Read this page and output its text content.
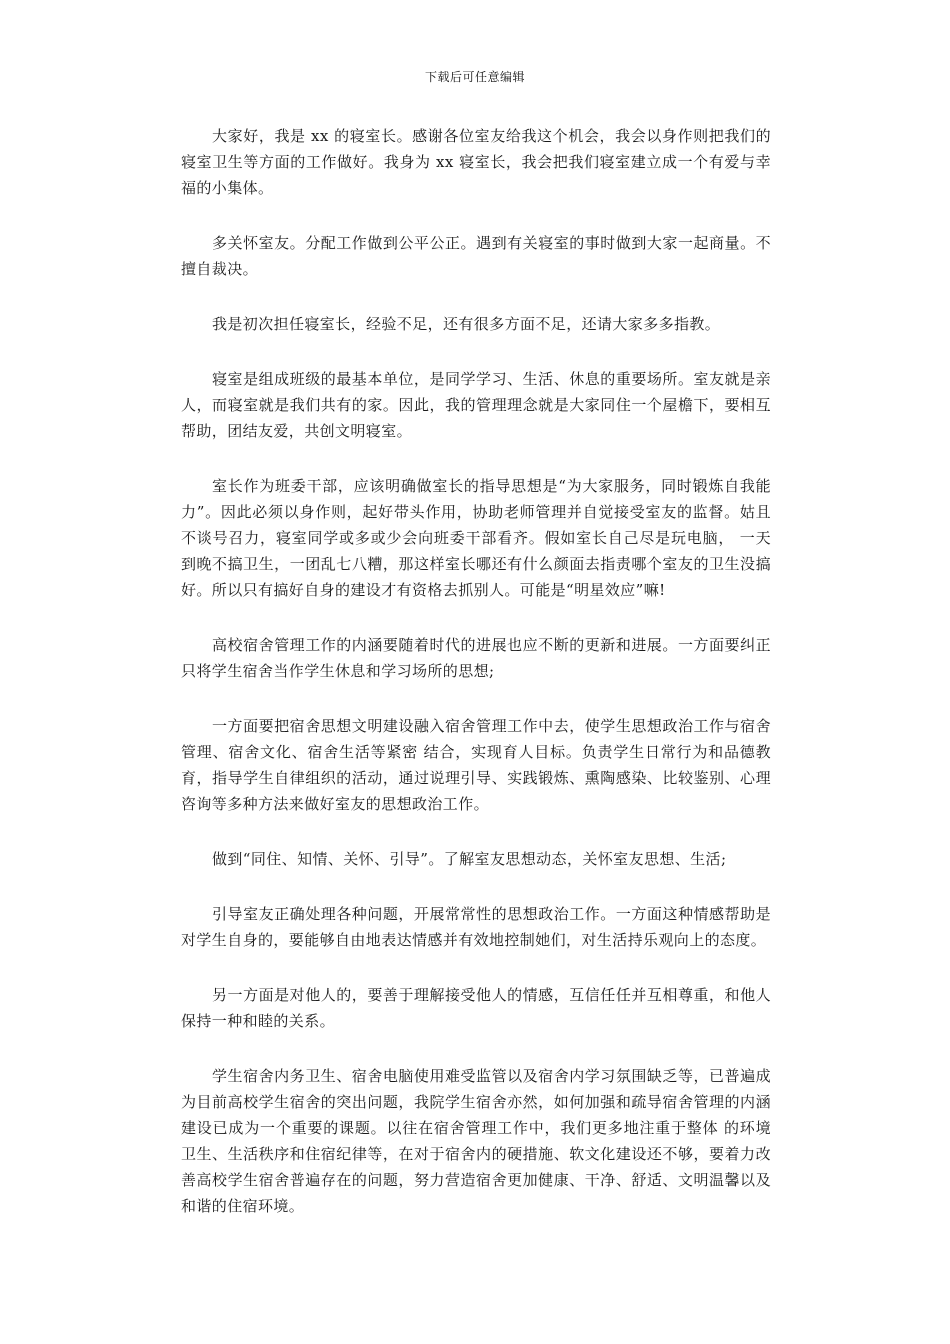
下载后可任意编辑

大家好，我是 xx 的寝室长。感谢各位室友给我这个机会，我会以身作则把我们的寝室卫生等方面的工作做好。我身为 xx 寝室长，我会把我们寝室建立成一个有爱与幸福的小集体。

多关怀室友。分配工作做到公平公正。遇到有关寝室的事时做到大家一起商量。不擅自裁决。

我是初次担任寝室长，经验不足，还有很多方面不足，还请大家多多指教。

寝室是组成班级的最基本单位，是同学学习、生活、休息的重要场所。室友就是亲人，而寝室就是我们共有的家。因此，我的管理理念就是大家同住一个屋檐下，要相互帮助，团结友爱，共创文明寝室。

室长作为班委干部，应该明确做室长的指导思想是“为大家服务，同时锻炼自我能力”。因此必须以身作则，起好带头作用，协助老师管理并自觉接受室友的监督。姑且不谈号召力，寝室同学或多或少会向班委干部看齐。假如室长自己尽是玩电脑， 一天到晚不搞卫生，一团乱七八糟，那这样室长哪还有什么颜面去指责哪个室友的卫生没搞好。所以只有搞好自身的建设才有资格去抓别人。可能是“明星效应”嘛!

高校宿舍管理工作的内涵要随着时代的进展也应不断的更新和进展。一方面要纠正只将学生宿舍当作学生休息和学习场所的思想;

一方面要把宿舍思想文明建设融入宿舍管理工作中去，使学生思想政治工作与宿舍管理、宿舍文化、宿舍生活等紧密 结合，实现育人目标。负责学生日常行为和品德教育，指导学生自律组织的活动，通过说理引导、实践锻炼、熏陶感染、比较鉴别、心理咨询等多种方法来做好室友的思想政治工作。

做到“同住、知情、关怀、引导”。了解室友思想动态，关怀室友思想、生活;

引导室友正确处理各种问题，开展常常性的思想政治工作。一方面这种情感帮助是对学生自身的，要能够自由地表达情感并有效地控制她们，对生活持乐观向上的态度。

另一方面是对他人的，要善于理解接受他人的情感，互信任任并互相尊重，和他人保持一种和睦的关系。

学生宿舍内务卫生、宿舍电脑使用难受监管以及宿舍内学习氛围缺乏等，已普遍成为目前高校学生宿舍的突出问题，我院学生宿舍亦然，如何加强和疏导宿舍管理的内涵建设已成为一个重要的课题。以往在宿舍管理工作中，我们更多地注重于整体 的环境卫生、生活秩序和住宿纪律等，在对于宿舍内的硬措施、软文化建设还不够，要着力改善高校学生宿舍普遍存在的问题，努力营造宿舍更加健康、干净、舒适、文明温馨以及和谐的住宿环境。
